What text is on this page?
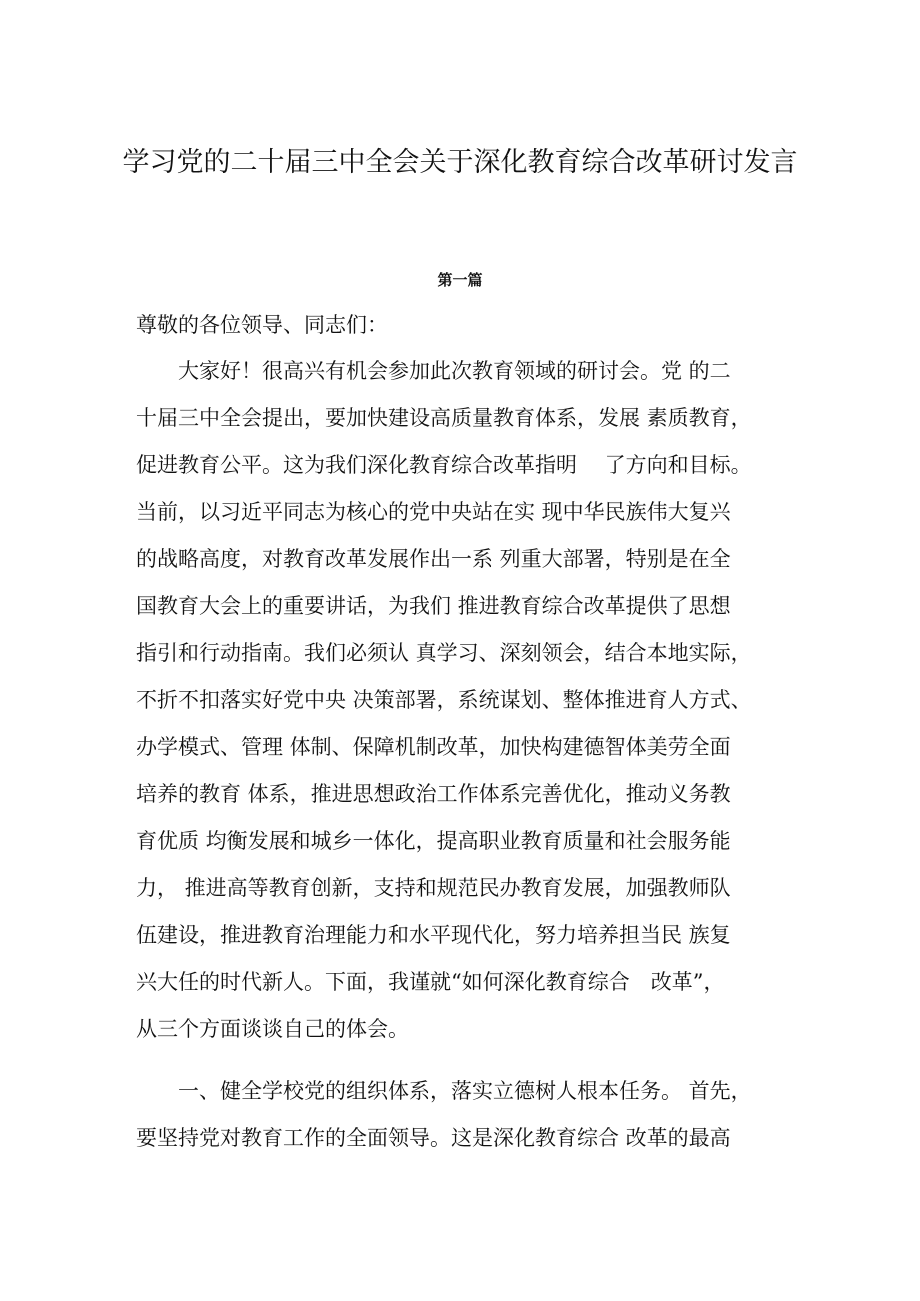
学习党的二十届三中全会关于深化教育综合改革研讨发言
第一篇
尊敬的各位领导、同志们：
　　大家好！很高兴有机会参加此次教育领域的研讨会。党 的二
十届三中全会提出，要加快建设高质量教育体系，发展 素质教育，
促进教育公平。这为我们深化教育综合改革指明　 了方向和目标。
当前，以习近平同志为核心的党中央站在实 现中华民族伟大复兴
的战略高度，对教育改革发展作出一系 列重大部署，特别是在全
国教育大会上的重要讲话，为我们 推进教育综合改革提供了思想
指引和行动指南。我们必须认 真学习、深刻领会，结合本地实际，
不折不扣落实好党中央 决策部署，系统谋划、整体推进育人方式、
办学模式、管理 体制、保障机制改革，加快构建德智体美劳全面
培养的教育 体系，推进思想政治工作体系完善优化，推动义务教
育优质 均衡发展和城乡一体化，提高职业教育质量和社会服务能
力， 推进高等教育创新，支持和规范民办教育发展，加强教师队
伍建设，推进教育治理能力和水平现代化，努力培养担当民 族复
兴大任的时代新人。下面，我谨就“如何深化教育综合　改革”，
从三个方面谈谈自己的体会。
　　一、健全学校党的组织体系，落实立德树人根本任务。 首先，
要坚持党对教育工作的全面领导。这是深化教育综合 改革的最高
